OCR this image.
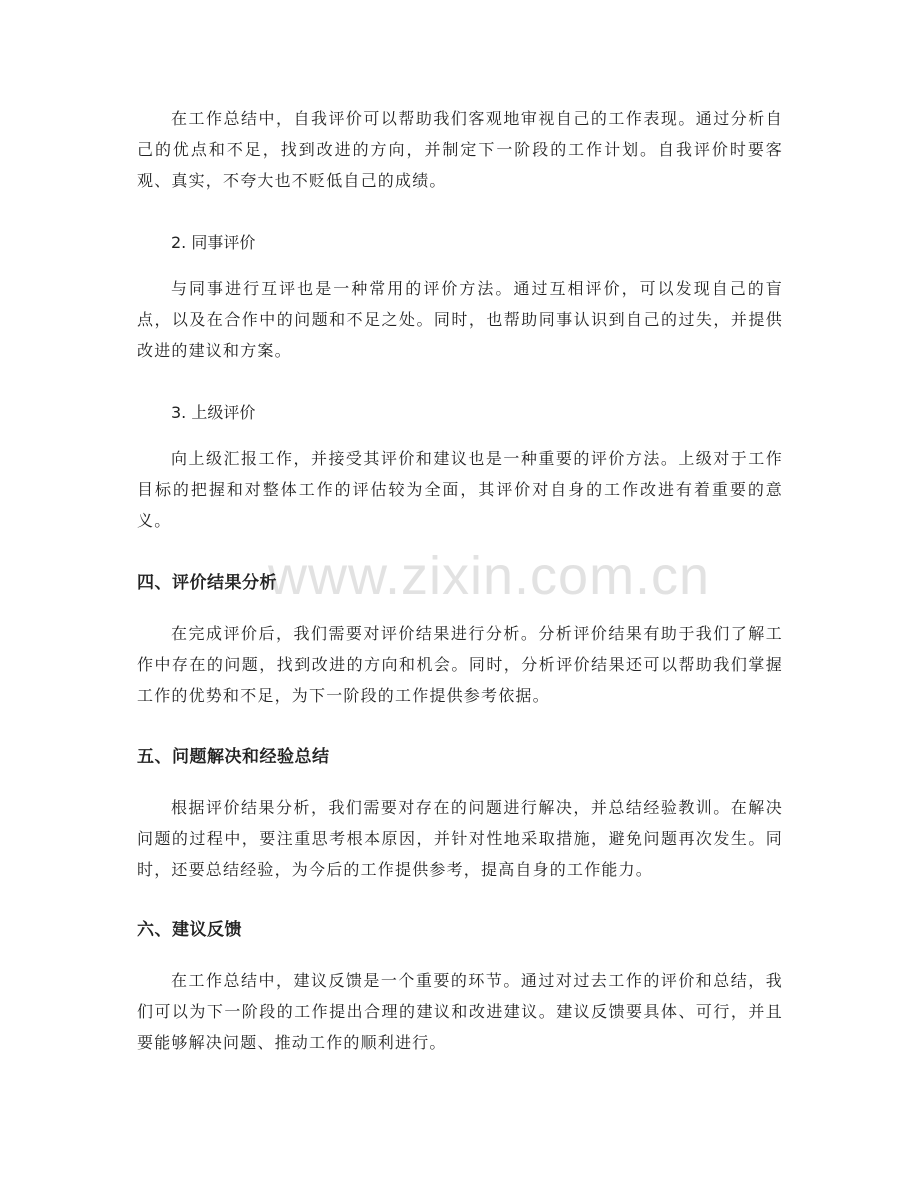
www.zixin.com.cn

在工作总结中，自我评价可以帮助我们客观地审视自己的工作表现。通过分析自己的优点和不足，找到改进的方向，并制定下一阶段的工作计划。自我评价时要客观、真实，不夸大也不贬低自己的成绩。

2. 同事评价

与同事进行互评也是一种常用的评价方法。通过互相评价，可以发现自己的盲点，以及在合作中的问题和不足之处。同时，也帮助同事认识到自己的过失，并提供改进的建议和方案。

3. 上级评价

向上级汇报工作，并接受其评价和建议也是一种重要的评价方法。上级对于工作目标的把握和对整体工作的评估较为全面，其评价对自身的工作改进有着重要的意义。

四、评价结果分析

在完成评价后，我们需要对评价结果进行分析。分析评价结果有助于我们了解工作中存在的问题，找到改进的方向和机会。同时，分析评价结果还可以帮助我们掌握工作的优势和不足，为下一阶段的工作提供参考依据。

五、问题解决和经验总结

根据评价结果分析，我们需要对存在的问题进行解决，并总结经验教训。在解决问题的过程中，要注重思考根本原因，并针对性地采取措施，避免问题再次发生。同时，还要总结经验，为今后的工作提供参考，提高自身的工作能力。

六、建议反馈

在工作总结中，建议反馈是一个重要的环节。通过对过去工作的评价和总结，我们可以为下一阶段的工作提出合理的建议和改进建议。建议反馈要具体、可行，并且要能够解决问题、推动工作的顺利进行。
